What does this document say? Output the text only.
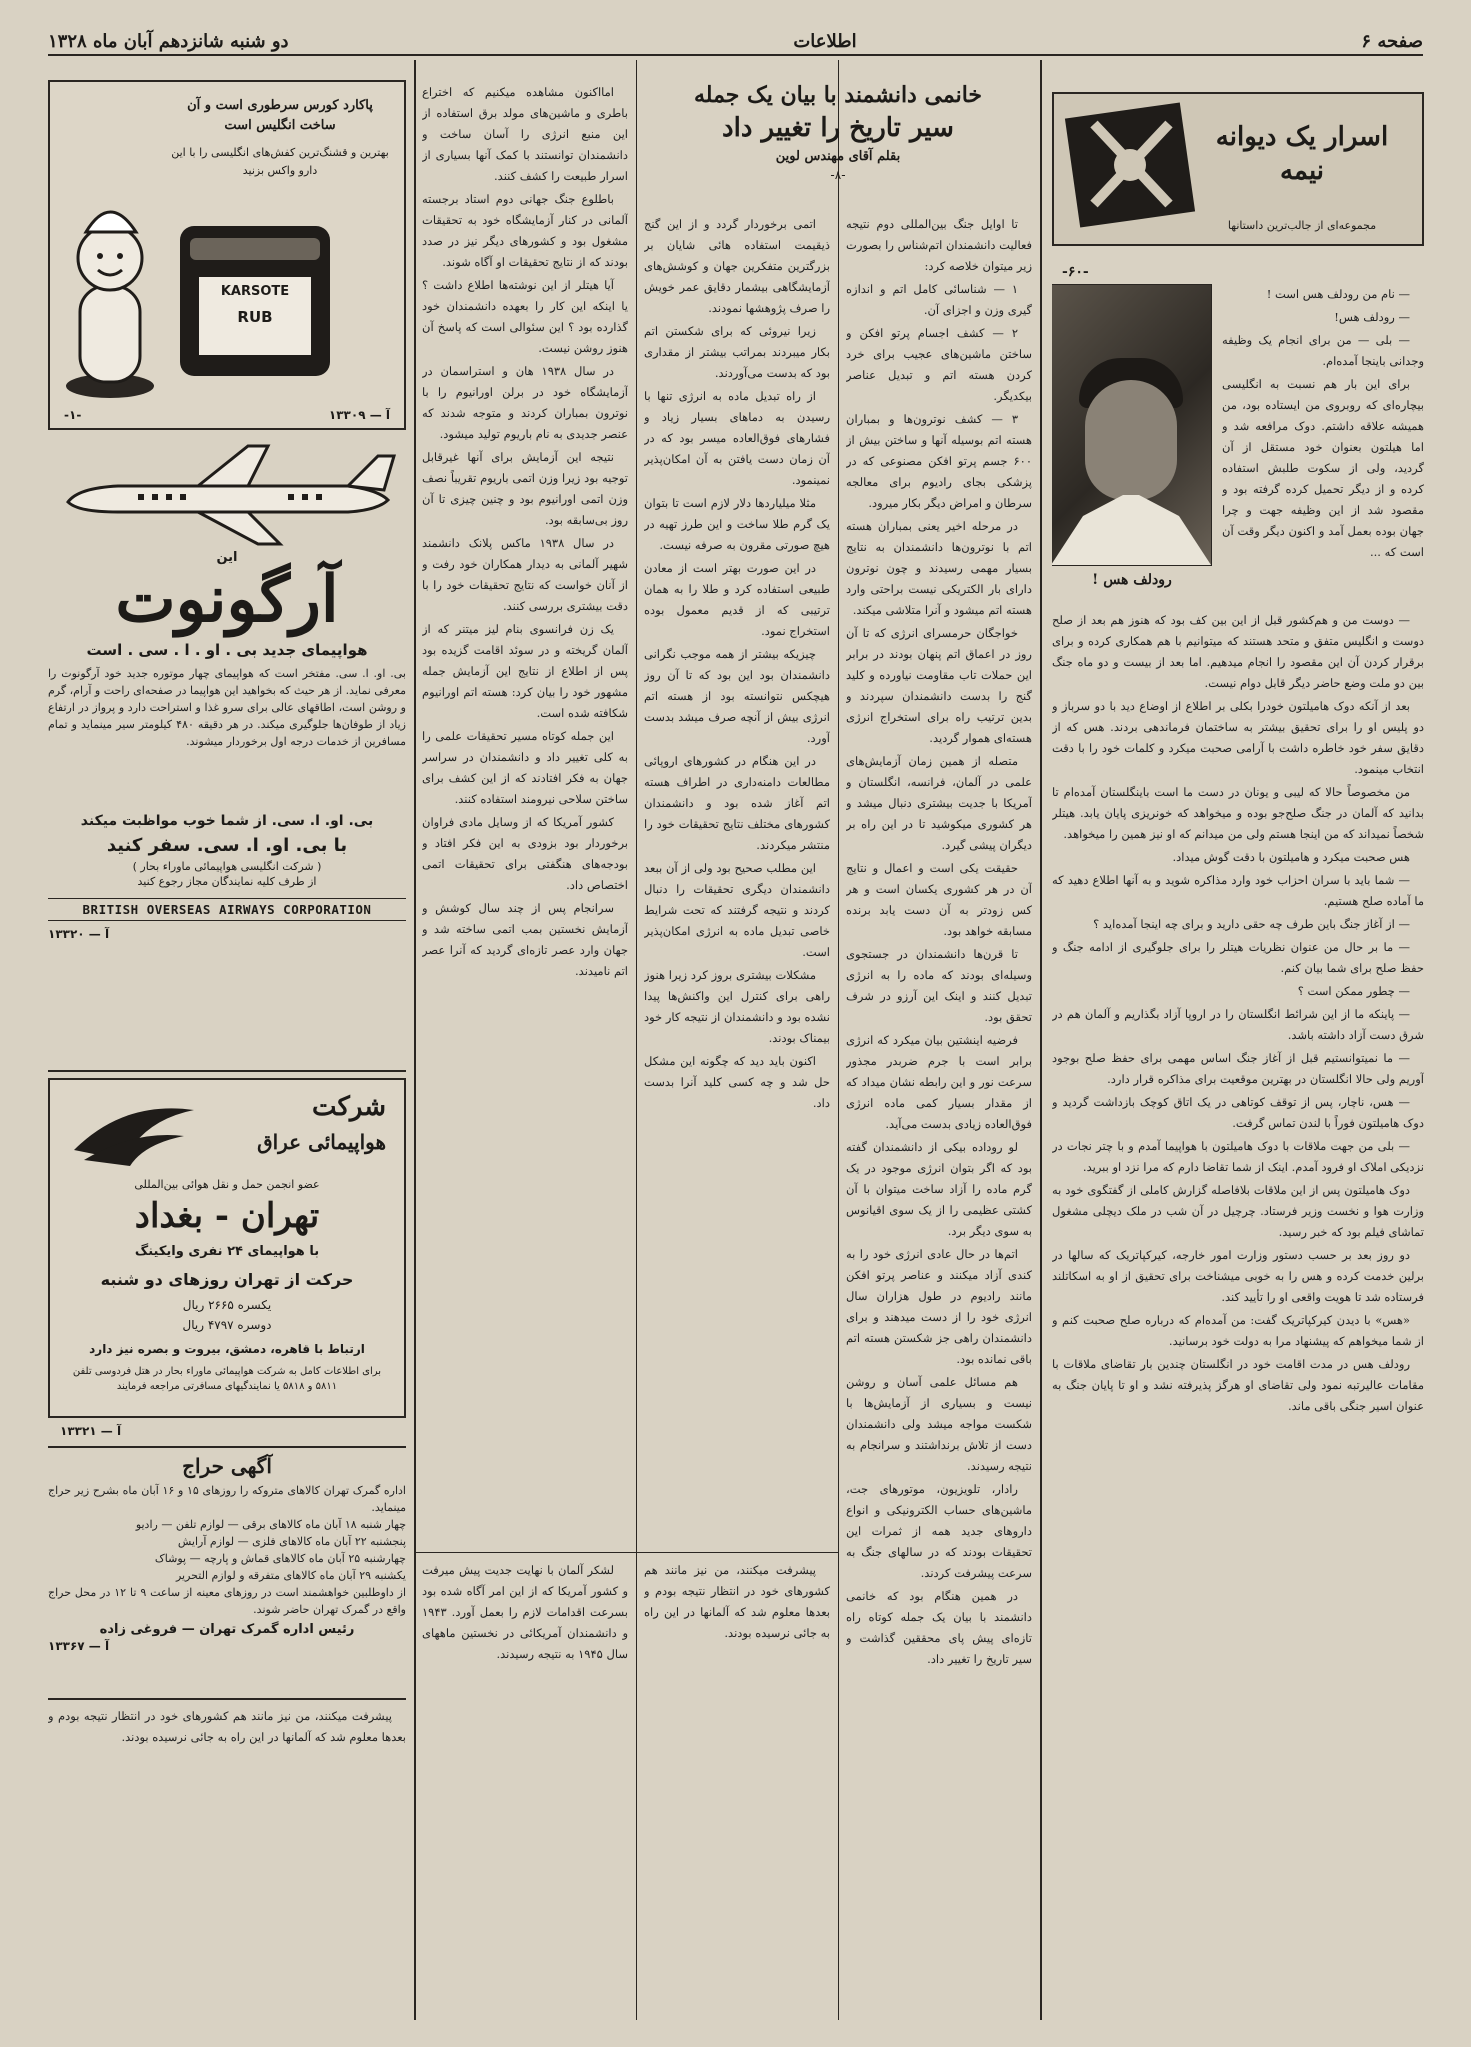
صفحه ۶
اطلاعات
دو شنبه شانزدهم آبان ماه ۱۳۲۸
اسرار یک دیوانه نیمه
مجموعه‌ای از جالب‌ترین داستانها
-۶۰-
رودلف هس !

— نام من رودلف هس است !

— رودلف هس!

— بلی — من برای انجام یک وظیفه وجدانی باینجا آمده‌ام.

برای این بار هم نسبت به انگلیسی بیچاره‌ای که روبروی من ایستاده بود، من همیشه علاقه داشتم. دوک مرافعه شد و اما هیلتون بعنوان خود مستقل از آن گردید، ولی از سکوت طلبش استفاده کرده و از دیگر تحمیل کرده گرفته بود و مقصود شد از این وظیفه جهت و چرا جهان بوده بعمل آمد و اکنون دیگر وقت آن است که ...

— دوست من و هم‌کشور قبل از این بین کف بود که هنوز هم بعد از صلح دوست و انگلیس متفق و متحد هستند که میتوانیم با هم همکاری کرده و برای برقرار کردن آن این مقصود را انجام میدهیم. اما بعد از بیست و دو ماه جنگ بین دو ملت وضع حاضر دیگر قابل دوام نیست.

بعد از آنکه دوک هامیلتون خودرا بکلی بر اطلاع از اوضاع دید با دو سرباز و دو پلیس او را برای تحقیق بیشتر به ساختمان فرماندهی بردند. هس که از دقایق سفر خود خاطره داشت با آرامی صحبت میکرد و کلمات خود را با دقت انتخاب مینمود.

من مخصوصاً حالا که لیبی و یونان در دست ما است باینگلستان آمده‌ام تا بدانید که آلمان در جنگ صلح‌جو بوده و میخواهد که خونریزی پایان یابد. هیتلر شخصاً نمیداند که من اینجا هستم ولی من میدانم که او نیز همین را میخواهد.

هس صحبت میکرد و هامیلتون با دقت گوش میداد.

— شما باید با سران احزاب خود وارد مذاکره شوید و به آنها اطلاع دهید که ما آماده صلح هستیم.

— از آغاز جنگ باین طرف چه حقی دارید و برای چه اینجا آمده‌اید ؟

— ما بر حال من عنوان نظریات هیتلر را برای جلوگیری از ادامه جنگ و حفظ صلح برای شما بیان کنم.

— چطور ممکن است ؟

— پاینکه ما از این شرائط انگلستان را در اروپا آزاد بگذاریم و آلمان هم در شرق دست آزاد داشته باشد.

— ما نمیتوانستیم قبل از آغاز جنگ اساس مهمی برای حفظ صلح بوجود آوریم ولی حالا انگلستان در بهترین موقعیت برای مذاکره قرار دارد.

— هس، ناچار، پس از توقف کوتاهی در یک اتاق کوچک بازداشت گردید و دوک هامیلتون فوراً با لندن تماس گرفت.

— بلی من جهت ملاقات با دوک هامیلتون با هواپیما آمدم و با چتر نجات در نزدیکی املاک او فرود آمدم. اینک از شما تقاضا دارم که مرا نزد او ببرید.

دوک هامیلتون پس از این ملاقات بلافاصله گزارش کاملی از گفتگوی خود به وزارت هوا و نخست وزیر فرستاد. چرچیل در آن شب در ملک دیچلی مشغول تماشای فیلم بود که خبر رسید.

دو روز بعد بر حسب دستور وزارت امور خارجه، کیرکپاتریک که سالها در برلین خدمت کرده و هس را به خوبی میشناخت برای تحقیق از او به اسکاتلند فرستاده شد تا هویت واقعی او را تأیید کند.

«هس» با دیدن کیرکپاتریک گفت: من آمده‌ام که درباره صلح صحبت کنم و از شما میخواهم که پیشنهاد مرا به دولت خود برسانید.

رودلف هس در مدت اقامت خود در انگلستان چندین بار تقاضای ملاقات با مقامات عالیرتبه نمود ولی تقاضای او هرگز پذیرفته نشد و او تا پایان جنگ به عنوان اسیر جنگی باقی ماند.

خانمی دانشمند با بیان یک جمله
سیر تاریخ را تغییر داد
بقلم آقای مهندس لوین
-۸-

تا اوایل جنگ بین‌المللی دوم نتیجه فعالیت دانشمندان اتم‌شناس را بصورت زیر میتوان خلاصه کرد:

۱ — شناسائی کامل اتم و اندازه گیری وزن و اجزای آن.

۲ — کشف اجسام پرتو افکن و ساختن ماشین‌های عجیب برای خرد کردن هسته اتم و تبدیل عناصر بیکدیگر.

۳ — کشف نوترون‌ها و بمباران هسته اتم بوسیله آنها و ساختن بیش از ۶۰۰ جسم پرتو افکن مصنوعی که در پزشکی بجای رادیوم برای معالجه سرطان و امراض دیگر بکار میرود.

در مرحله اخیر یعنی بمباران هسته اتم با نوترون‌ها دانشمندان به نتایج بسیار مهمی رسیدند و چون نوترون دارای بار الکتریکی نیست براحتی وارد هسته اتم میشود و آنرا متلاشی میکند.

خواجگان حرمسرای انرژی که تا آن روز در اعماق اتم پنهان بودند در برابر این حملات تاب مقاومت نیاورده و کلید گنج را بدست دانشمندان سپردند و بدین ترتیب راه برای استخراج انرژی هسته‌ای هموار گردید.

متصله از همین زمان آزمایش‌های علمی در آلمان، فرانسه، انگلستان و آمریکا با جدیت بیشتری دنبال میشد و هر کشوری میکوشید تا در این راه بر دیگران پیشی گیرد.

حقیقت یکی است و اعمال و نتایج آن در هر کشوری یکسان است و هر کس زودتر به آن دست یابد برنده مسابقه خواهد بود.

تا قرن‌ها دانشمندان در جستجوی وسیله‌ای بودند که ماده را به انرژی تبدیل کنند و اینک این آرزو در شرف تحقق بود.

فرضیه اینشتین بیان میکرد که انرژی برابر است با جرم ضربدر مجذور سرعت نور و این رابطه نشان میداد که از مقدار بسیار کمی ماده انرژی فوق‌العاده زیادی بدست می‌آید.

لو روداده بیکی از دانشمندان گفته بود که اگر بتوان انرژی موجود در یک گرم ماده را آزاد ساخت میتوان با آن کشتی عظیمی را از یک سوی اقیانوس به سوی دیگر برد.

اتم‌ها در حال عادی انرژی خود را به کندی آزاد میکنند و عناصر پرتو افکن مانند رادیوم در طول هزاران سال انرژی خود را از دست میدهند و برای دانشمندان راهی جز شکستن هسته اتم باقی نمانده بود.

هم مسائل علمی آسان و روشن نیست و بسیاری از آزمایش‌ها با شکست مواجه میشد ولی دانشمندان دست از تلاش برنداشتند و سرانجام به نتیجه رسیدند.

رادار، تلویزیون، موتورهای جت، ماشین‌های حساب الکترونیکی و انواع داروهای جدید همه از ثمرات این تحقیقات بودند که در سالهای جنگ به سرعت پیشرفت کردند.

در همین هنگام بود که خانمی دانشمند با بیان یک جمله کوتاه راه تازه‌ای پیش پای محققین گذاشت و سیر تاریخ را تغییر داد.

اتمی برخوردار گردد و از این گنج ذیقیمت استفاده هائی شایان بر بزرگترین متفکرین جهان و کوشش‌های آزمایشگاهی بیشمار دقایق عمر خویش را صرف پژوهشها نمودند.

زیرا نیروئی که برای شکستن اتم بکار میبردند بمراتب بیشتر از مقداری بود که بدست می‌آوردند.

از راه تبدیل ماده به انرژی تنها با رسیدن به دماهای بسیار زیاد و فشارهای فوق‌العاده میسر بود که در آن زمان دست یافتن به آن امکان‌پذیر نمینمود.

مثلا میلیاردها دلار لازم است تا بتوان یک گرم طلا ساخت و این طرز تهیه در هیچ صورتی مقرون به صرفه نیست.

در این صورت بهتر است از معادن طبیعی استفاده کرد و طلا را به همان ترتیبی که از قدیم معمول بوده استخراج نمود.

چیزیکه بیشتر از همه موجب نگرانی دانشمندان بود این بود که تا آن روز هیچکس نتوانسته بود از هسته اتم انرژی بیش از آنچه صرف میشد بدست آورد.

در این هنگام در کشورهای اروپائی مطالعات دامنه‌داری در اطراف هسته اتم آغاز شده بود و دانشمندان کشورهای مختلف نتایج تحقیقات خود را منتشر میکردند.

این مطلب صحیح بود ولی از آن ببعد دانشمندان دیگری تحقیقات را دنبال کردند و نتیجه گرفتند که تحت شرایط خاصی تبدیل ماده به انرژی امکان‌پذیر است.

مشکلات بیشتری بروز کرد زیرا هنوز راهی برای کنترل این واکنش‌ها پیدا نشده بود و دانشمندان از نتیجه کار خود بیمناک بودند.

اکنون باید دید که چگونه این مشکل حل شد و چه کسی کلید آنرا بدست داد.

امااکنون مشاهده میکنیم که اختراع باطری و ماشین‌های مولد برق استفاده از این منبع انرژی را آسان ساخت و دانشمندان توانستند با کمک آنها بسیاری از اسرار طبیعت را کشف کنند.

باطلوع جنگ جهانی دوم استاد برجسته آلمانی در کنار آزمایشگاه خود به تحقیقات مشغول بود و کشورهای دیگر نیز در صدد بودند که از نتایج تحقیقات او آگاه شوند.

آیا هیتلر از این نوشته‌ها اطلاع داشت ؟ یا اینکه این کار را بعهده دانشمندان خود گذارده بود ؟ این سئوالی است که پاسخ آن هنوز روشن نیست.

در سال ۱۹۳۸ هان و استراسمان در آزمایشگاه خود در برلن اورانیوم را با نوترون بمباران کردند و متوجه شدند که عنصر جدیدی به نام باریوم تولید میشود.

نتیجه این آزمایش برای آنها غیرقابل توجیه بود زیرا وزن اتمی باریوم تقریباً نصف وزن اتمی اورانیوم بود و چنین چیزی تا آن روز بی‌سابقه بود.

در سال ۱۹۳۸ ماکس پلانک دانشمند شهیر آلمانی به دیدار همکاران خود رفت و از آنان خواست که نتایج تحقیقات خود را با دقت بیشتری بررسی کنند.

یک زن فرانسوی بنام لیز میتنر که از آلمان گریخته و در سوئد اقامت گزیده بود پس از اطلاع از نتایج این آزمایش جمله مشهور خود را بیان کرد: هسته اتم اورانیوم شکافته شده است.

این جمله کوتاه مسیر تحقیقات علمی را به کلی تغییر داد و دانشمندان در سراسر جهان به فکر افتادند که از این کشف برای ساختن سلاحی نیرومند استفاده کنند.

کشور آمریکا که از وسایل مادی فراوان برخوردار بود بزودی به این فکر افتاد و بودجه‌های هنگفتی برای تحقیقات اتمی اختصاص داد.

سرانجام پس از چند سال کوشش و آزمایش نخستین بمب اتمی ساخته شد و جهان وارد عصر تازه‌ای گردید که آنرا عصر اتم نامیدند.

لشکر آلمان با نهایت جدیت پیش میرفت و کشور آمریکا که از این امر آگاه شده بود بسرعت اقدامات لازم را بعمل آورد. ۱۹۴۳ و دانشمندان آمریکائی در نخستین ماههای سال ۱۹۴۵ به نتیجه رسیدند.

پیشرفت میکنند، من نیز مانند هم کشورهای خود در انتظار نتیجه بودم و بعدها معلوم شد که آلمانها در این راه به جائی نرسیده بودند.

پاکارد کورس سرطوری است و آن ساخت انگلیس است
بهترین و قشنگ‌ترین کفش‌های انگلیسی را با این دارو واکس بزنید
KARSOTE
RUB
آ — ۱۳۳۰۹
-۱-
این
آرگونوت
هواپیمای جدید بی . او . ا . سی . است
بی. او. ا. سی. مفتخر است که هواپیمای چهار موتوره جدید خود آرگونوت را معرفی نماید. از هر حیث که بخواهید این هواپیما در صفحه‌ای راحت و آرام، گرم و روشن است، اطاقهای عالی برای سرو غذا و استراحت دارد و پرواز در ارتفاع زیاد از طوفان‌ها جلوگیری میکند. در هر دقیقه ۴۸۰ کیلومتر سیر مینماید و تمام مسافرین از خدمات درجه اول برخوردار میشوند.
بی. او. ا. سی. از شما خوب مواظبت میکند
با بی. او. ا. سی. سفر کنید
( شرکت انگلیسی هواپیمائی ماوراء بحار )
از طرف کلیه نمایندگان مجاز رجوع کنید
BRITISH OVERSEAS AIRWAYS CORPORATION
آ — ۱۳۳۲۰
شرکت
هواپیمائی عراق
عضو انجمن حمل و نقل هوائی بین‌المللی
تهران - بغداد
با هواپیمای ۲۴ نفری وایکینگ
حرکت از تهران روزهای دو شنبه
یکسره ۲۶۶۵ ریال
دوسره ۴۷۹۷ ریال
ارتباط با قاهره، دمشق، بیروت و بصره نیز دارد
برای اطلاعات کامل به شرکت هواپیمائی ماوراء بحار در هتل فردوسی تلفن ۵۸۱۱ و ۵۸۱۸ یا نمایندگیهای مسافرتی مراجعه فرمایند
آ — ۱۳۳۲۱
آگهی حراج
اداره گمرک تهران کالاهای متروکه را روزهای ۱۵ و ۱۶ آبان ماه بشرح زیر حراج مینماید.
چهار شنبه ۱۸ آبان ماه کالاهای برقی — لوازم تلفن — رادیو
پنجشنبه ۲۲ آبان ماه کالاهای فلزی — لوازم آرایش
چهارشنبه ۲۵ آبان ماه کالاهای قماش و پارچه — پوشاک
یکشنبه ۲۹ آبان ماه کالاهای متفرقه و لوازم التحریر
از داوطلبین خواهشمند است در روزهای معینه از ساعت ۹ تا ۱۲ در محل حراج واقع در گمرک تهران حاضر شوند.
رئیس اداره گمرک تهران — فروغی زاده
آ — ۱۳۳۶۷

پیشرفت میکنند، من نیز مانند هم کشورهای خود در انتظار نتیجه بودم و بعدها معلوم شد که آلمانها در این راه به جائی نرسیده بودند.
